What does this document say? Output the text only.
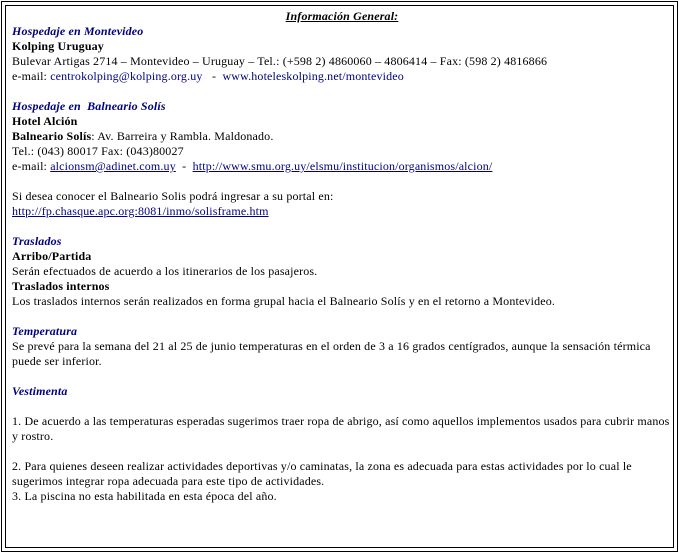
Información General:

Hospedaje en Montevideo

Kolping Uruguay

Bulevar Artigas 2714 – Montevideo – Uruguay – Tel.: (+598 2) 4860060 – 4806414 – Fax: (598 2) 4816866

e-mail: centrokolping@kolping.org.uy   -  www.hoteleskolping.net/montevideo

Hospedaje en  Balneario Solís

Hotel Alción

Balneario Solís: Av. Barreira y Rambla. Maldonado.

Tel.: (043) 80017 Fax: (043)80027

e-mail: alcionsm@adinet.com.uy  -  http://www.smu.org.uy/elsmu/institucion/organismos/alcion/

Si desea conocer el Balneario Solis podrá ingresar a su portal en:

http://fp.chasque.apc.org:8081/inmo/solisframe.htm

Traslados

Arribo/Partida

Serán efectuados de acuerdo a los itinerarios de los pasajeros.

Traslados internos

Los traslados internos serán realizados en forma grupal hacia el Balneario Solís y en el retorno a Montevideo.

Temperatura

Se prevé para la semana del 21 al 25 de junio temperaturas en el orden de 3 a 16 grados centígrados, aunque la sensación térmica puede ser inferior.

Vestimenta

1. De acuerdo a las temperaturas esperadas sugerimos traer ropa de abrigo, así como aquellos implementos usados para cubrir manos y rostro.

2. Para quienes deseen realizar actividades deportivas y/o caminatas, la zona es adecuada para estas actividades por lo cual le sugerimos integrar ropa adecuada para este tipo de actividades.

3. La piscina no esta habilitada en esta época del año.
